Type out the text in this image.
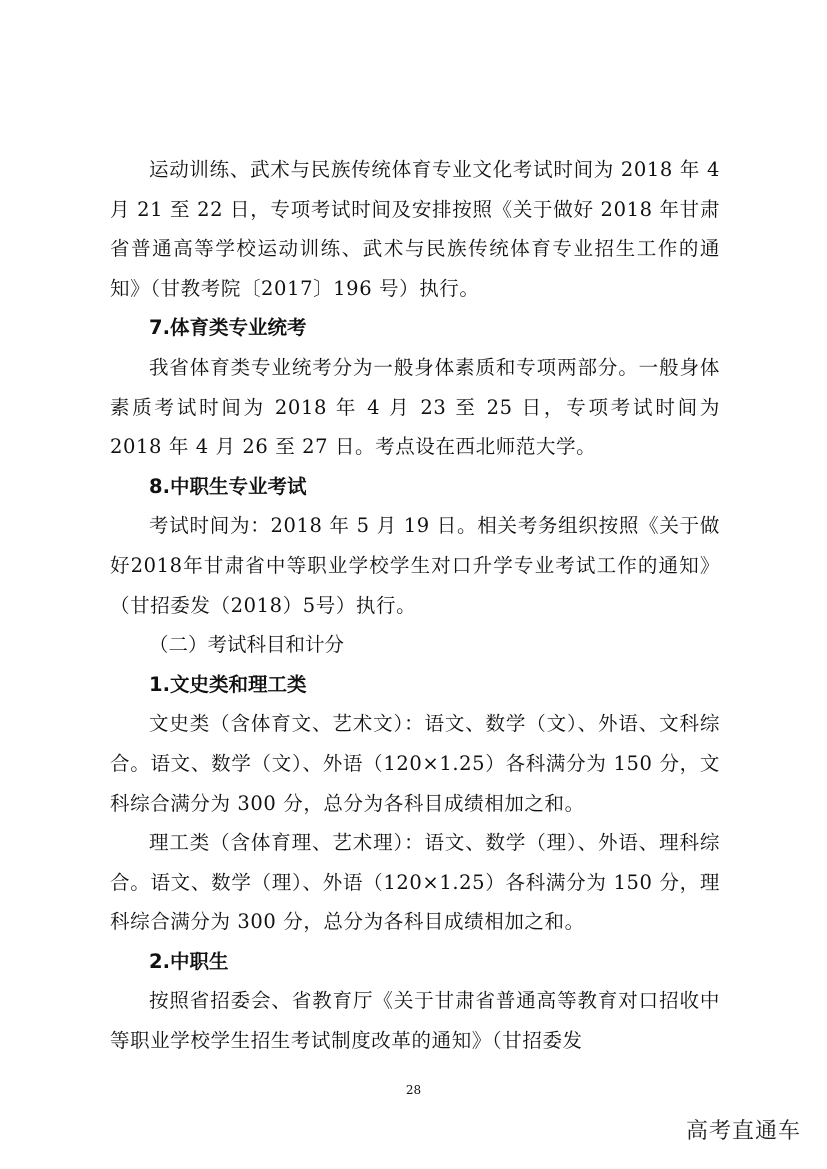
运动训练、武术与民族传统体育专业文化考试时间为 2018 年 4 月 21 至 22 日，专项考试时间及安排按照《关于做好 2018 年甘肃省普通高等学校运动训练、武术与民族传统体育专业招生工作的通知》（甘教考院〔2017〕196 号）执行。

7.体育类专业统考

我省体育类专业统考分为一般身体素质和专项两部分。一般身体素质考试时间为 2018 年 4 月 23 至 25 日，专项考试时间为 2018 年 4 月 26 至 27 日。考点设在西北师范大学。

8.中职生专业考试

考试时间为：2018 年 5 月 19 日。相关考务组织按照《关于做好2018年甘肃省中等职业学校学生对口升学专业考试工作的通知》（甘招委发（2018）5号）执行。

（二）考试科目和计分

1.文史类和理工类

文史类（含体育文、艺术文）：语文、数学（文）、外语、文科综合。语文、数学（文）、外语（120×1.25）各科满分为 150 分，文科综合满分为 300 分，总分为各科目成绩相加之和。

理工类（含体育理、艺术理）：语文、数学（理）、外语、理科综合。语文、数学（理）、外语（120×1.25）各科满分为 150 分，理科综合满分为 300 分，总分为各科目成绩相加之和。

2.中职生

按照省招委会、省教育厅《关于甘肃省普通高等教育对口招收中等职业学校学生招生考试制度改革的通知》（甘招委发

28
高考直通车
